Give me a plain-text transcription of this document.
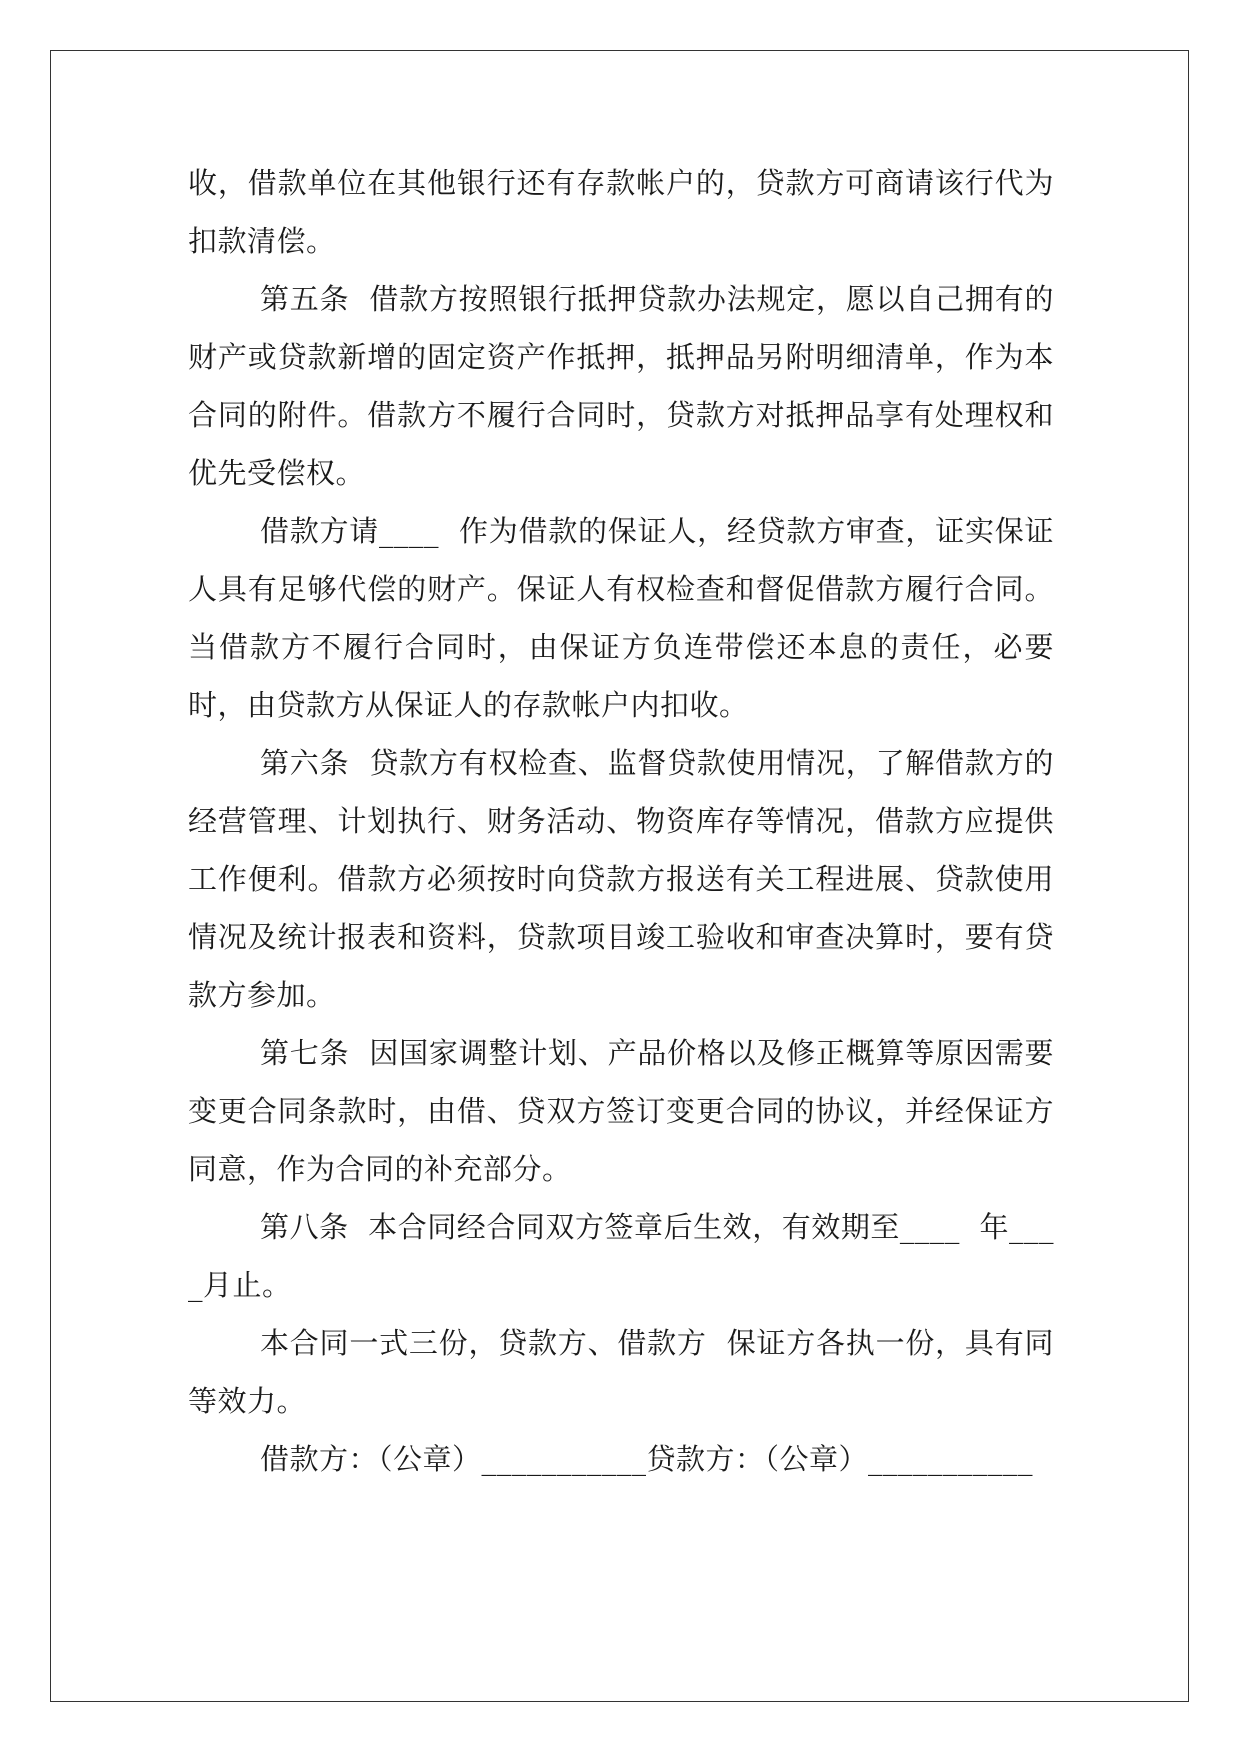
收，借款单位在其他银行还有存款帐户的，贷款方可商请该行代为扣款清偿。

第五条  借款方按照银行抵押贷款办法规定，愿以自己拥有的财产或贷款新增的固定资产作抵押，抵押品另附明细清单，作为本合同的附件。借款方不履行合同时，贷款方对抵押品享有处理权和优先受偿权。

借款方请____  作为借款的保证人，经贷款方审查，证实保证人具有足够代偿的财产。保证人有权检查和督促借款方履行合同。当借款方不履行合同时，由保证方负连带偿还本息的责任，必要时，由贷款方从保证人的存款帐户内扣收。

第六条  贷款方有权检查、监督贷款使用情况，了解借款方的经营管理、计划执行、财务活动、物资库存等情况，借款方应提供工作便利。借款方必须按时向贷款方报送有关工程进展、贷款使用情况及统计报表和资料，贷款项目竣工验收和审查决算时，要有贷款方参加。

第七条  因国家调整计划、产品价格以及修正概算等原因需要变更合同条款时，由借、贷双方签订变更合同的协议，并经保证方同意，作为合同的补充部分。

第八条  本合同经合同双方签章后生效，有效期至____  年____月止。

本合同一式三份，贷款方、借款方  保证方各执一份，具有同等效力。

借款方：（公章）___________贷款方：（公章）___________
